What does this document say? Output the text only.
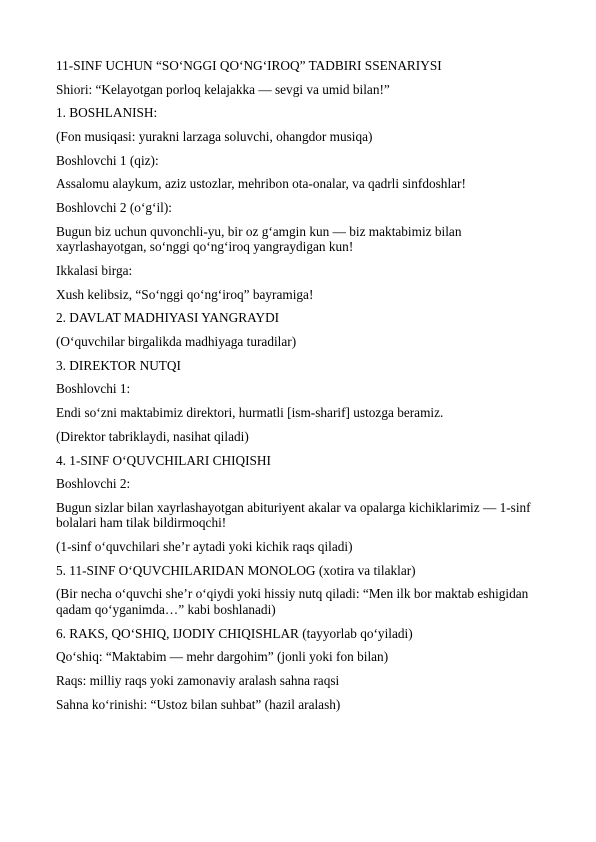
11-SINF UCHUN “SO‘NGGI QO‘NG‘IROQ” TADBIRI SSENARIYSI

Shiori: “Kelayotgan porloq kelajakka — sevgi va umid bilan!”

1. BOSHLANISH:

(Fon musiqasi: yurakni larzaga soluvchi, ohangdor musiqa)

Boshlovchi 1 (qiz):

Assalomu alaykum, aziz ustozlar, mehribon ota-onalar, va qadrli sinfdoshlar!

Boshlovchi 2 (o‘g‘il):

Bugun biz uchun quvonchli-yu, bir oz g‘amgin kun — biz maktabimiz bilan xayrlashayotgan, so‘nggi qo‘ng‘iroq yangraydigan kun!

Ikkalasi birga:

Xush kelibsiz, “So‘nggi qo‘ng‘iroq” bayramiga!

2. DAVLAT MADHIYASI YANGRAYDI

(O‘quvchilar birgalikda madhiyaga turadilar)

3. DIREKTOR NUTQI

Boshlovchi 1:

Endi so‘zni maktabimiz direktori, hurmatli [ism-sharif] ustozga beramiz.

(Direktor tabriklaydi, nasihat qiladi)

4. 1-SINF O‘QUVCHILARI CHIQISHI

Boshlovchi 2:

Bugun sizlar bilan xayrlashayotgan abituriyent akalar va opalarga kichiklarimiz — 1-sinf bolalari ham tilak bildirmoqchi!

(1-sinf o‘quvchilari she’r aytadi yoki kichik raqs qiladi)

5. 11-SINF O‘QUVCHILARIDAN MONOLOG (xotira va tilaklar)

(Bir necha o‘quvchi she’r o‘qiydi yoki hissiy nutq qiladi: “Men ilk bor maktab eshigidan qadam qo‘yganimda…” kabi boshlanadi)

6. RAKS, QO‘SHIQ, IJODIY CHIQISHLAR (tayyorlab qo‘yiladi)

Qo‘shiq: “Maktabim — mehr dargohim” (jonli yoki fon bilan)

Raqs: milliy raqs yoki zamonaviy aralash sahna raqsi

Sahna ko‘rinishi: “Ustoz bilan suhbat” (hazil aralash)
